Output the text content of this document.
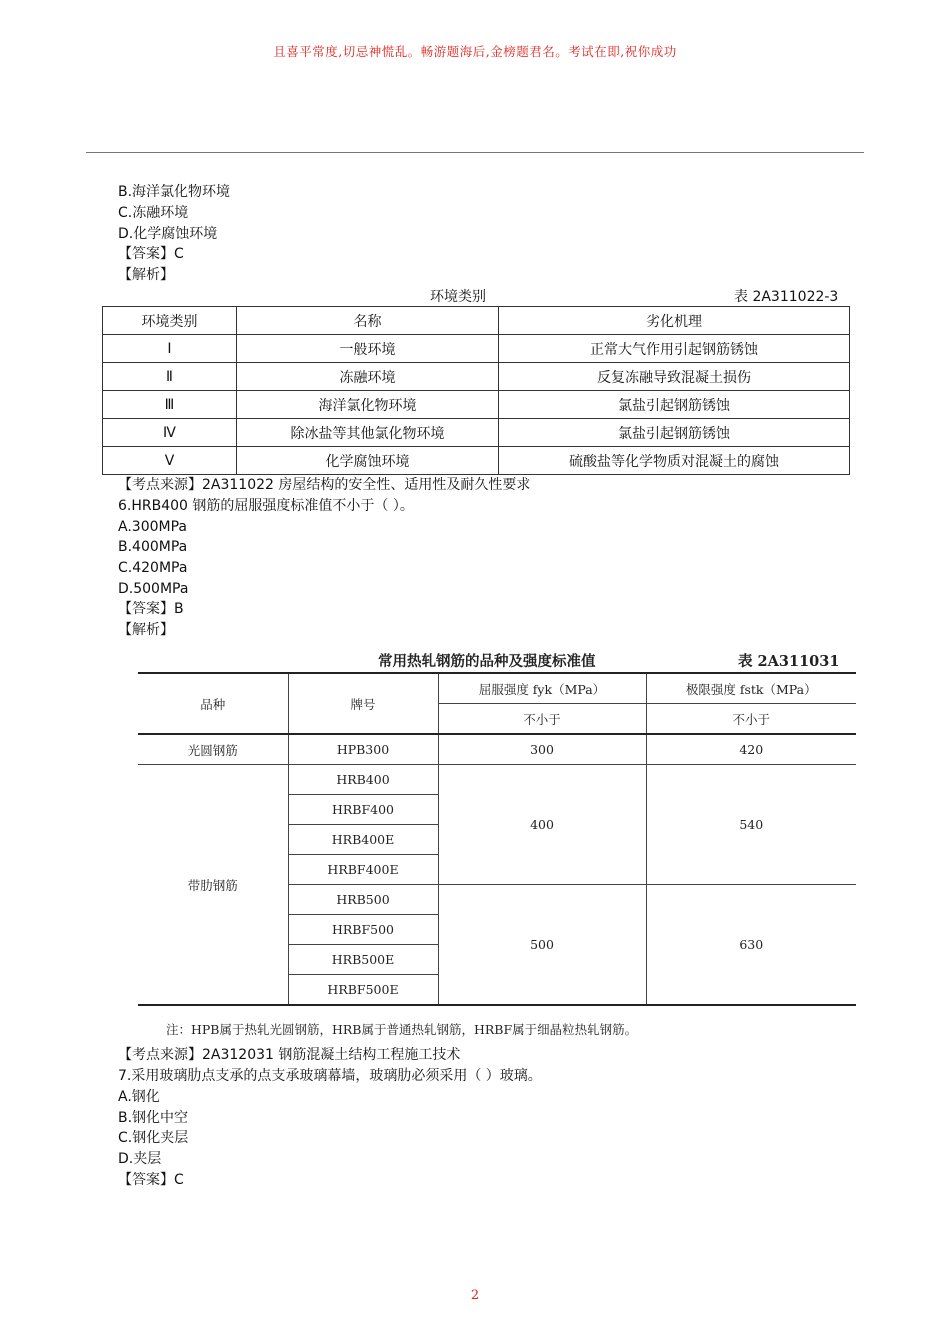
且喜平常度,切忌神慌乱。畅游题海后,金榜题君名。考试在即,祝你成功
B.海洋氯化物环境
C.冻融环境
D.化学腐蚀环境
【答案】C
【解析】
环境类别	表 2A311022-3
环境类别	名称	劣化机理
Ⅰ	一般环境	正常大气作用引起钢筋锈蚀
Ⅱ	冻融环境	反复冻融导致混凝土损伤
Ⅲ	海洋氯化物环境	氯盐引起钢筋锈蚀
Ⅳ	除冰盐等其他氯化物环境	氯盐引起钢筋锈蚀
Ⅴ	化学腐蚀环境	硫酸盐等化学物质对混凝土的腐蚀
【考点来源】2A311022 房屋结构的安全性、适用性及耐久性要求
6.HRB400 钢筋的屈服强度标准值不小于（ ）。
A.300MPa
B.400MPa
C.420MPa
D.500MPa
【答案】B
【解析】
常用热轧钢筋的品种及强度标准值	表 2A311031
品种	牌号	屈服强度 fyk（MPa）	极限强度 fstk（MPa）
		不小于	不小于
光圆钢筋	HPB300	300	420
带肋钢筋	HRB400	400	540
	HRBF400		
	HRB400E		
	HRBF400E		
	HRB500	500	630
	HRBF500		
	HRB500E		
	HRBF500E		
注：HPB属于热轧光圆钢筋，HRB属于普通热轧钢筋，HRBF属于细晶粒热轧钢筋。
【考点来源】2A312031 钢筋混凝土结构工程施工技术
7.采用玻璃肋点支承的点支承玻璃幕墙，玻璃肋必须采用（ ）玻璃。
A.钢化
B.钢化中空
C.钢化夹层
D.夹层
【答案】C
2
